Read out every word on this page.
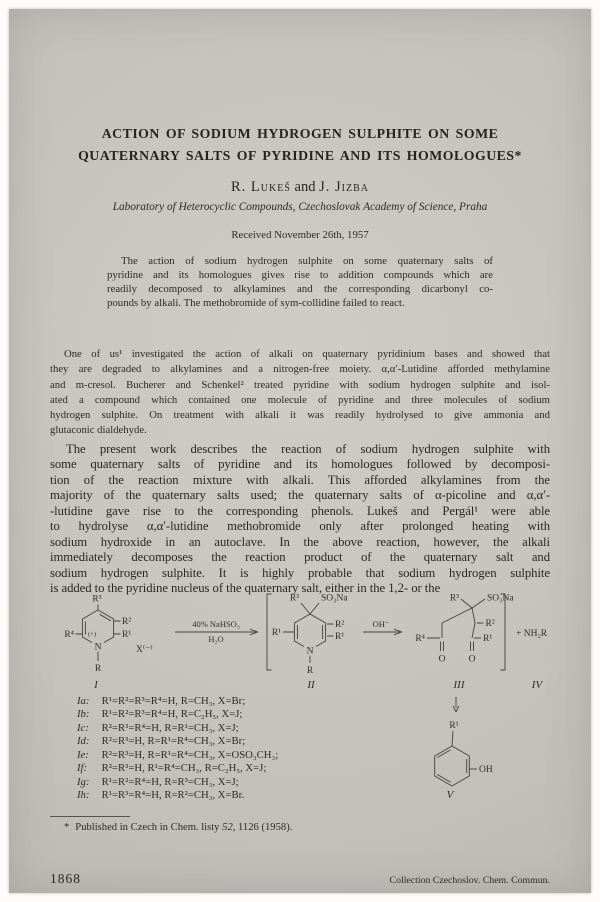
ACTION OF SODIUM HYDROGEN SULPHITE ON SOME
QUATERNARY SALTS OF PYRIDINE AND ITS HOMOLOGUES*
R. Lukeš and J. Jizba
Laboratory of Heterocyclic Compounds, Czechoslovak Academy of Science, Praha
Received November 26th, 1957
The action of sodium hydrogen sulphite on some quaternary salts of
pyridine and its homologues gives rise to addition compounds which are
readily decomposed to alkylamines and the corresponding dicarbonyl co-
pounds by alkali. The methobromide of sym-collidine failed to react.
One of us¹ investigated the action of alkali on quaternary pyridinium bases and showed that
they are degraded to alkylamines and a nitrogen-free moiety. α,α′-Lutidine afforded methylamine
and m-cresol. Bucherer and Schenkel² treated pyridine with sodium hydrogen sulphite and isol-
ated a compound which contained one molecule of pyridine and three molecules of sodium
hydrogen sulphite. On treatment with alkali it was readily hydrolysed to give ammonia and
glutaconic dialdehyde.
The present work describes the reaction of sodium hydrogen sulphite with
some quaternary salts of pyridine and its homologues followed by decomposi-
tion of the reaction mixture with alkali. This afforded alkylamines from the
majority of the quaternary salts used; the quaternary salts of α-picoline and α,α′-
-lutidine gave rise to the corresponding phenols. Lukeš and Pergál¹ were able
to hydrolyse α,α′-lutidine methobromide only after prolonged heating with
sodium hydroxide in an autoclave. In the above reaction, however, the alkali
immediately decomposes the reaction product of the quaternary salt and
sodium hydrogen sulphite. It is highly probable that sodium hydrogen sulphite
is added to the pyridine nucleus of the quaternary salt, either in the 1,2- or the
R³
R²
R¹
R⁴
N
(+)
R
X⁽⁻⁾
I
40% NaHSO₃
H₂O
R³ SO₃Na
R²
R¹
R¹
N
R
II
OH⁻
R³	SO₃Na
R⁴
R²
R¹
O O
III
+ NH₂R
IV
R¹
OH
V
Ia: R¹=R²=R³=R⁴=H, R=CH₃, X=Br;
Ib: R¹=R²=R³=R⁴=H, R=C₂H₅, X=J;
Ic: R²=R³=R⁴=H, R=R¹=CH₃, X=J;
Id: R²=R³=H, R=R¹=R⁴=CH₃, X=Br;
Ie: R²=R³=H, R=R¹=R⁴=CH₃, X=OSO₃CH₃;
If: R²=R³=H, R¹=R⁴=CH₃, R=C₂H₅, X=J;
Ig: R¹=R²=R⁴=H, R=R³=CH₃, X=J;
Ih: R¹=R³=R⁴=H, R=R²=CH₃, X=Br.
* Published in Czech in Chem. listy 52, 1126 (1958).
1868	Collection Czechoslov. Chem. Commun.
